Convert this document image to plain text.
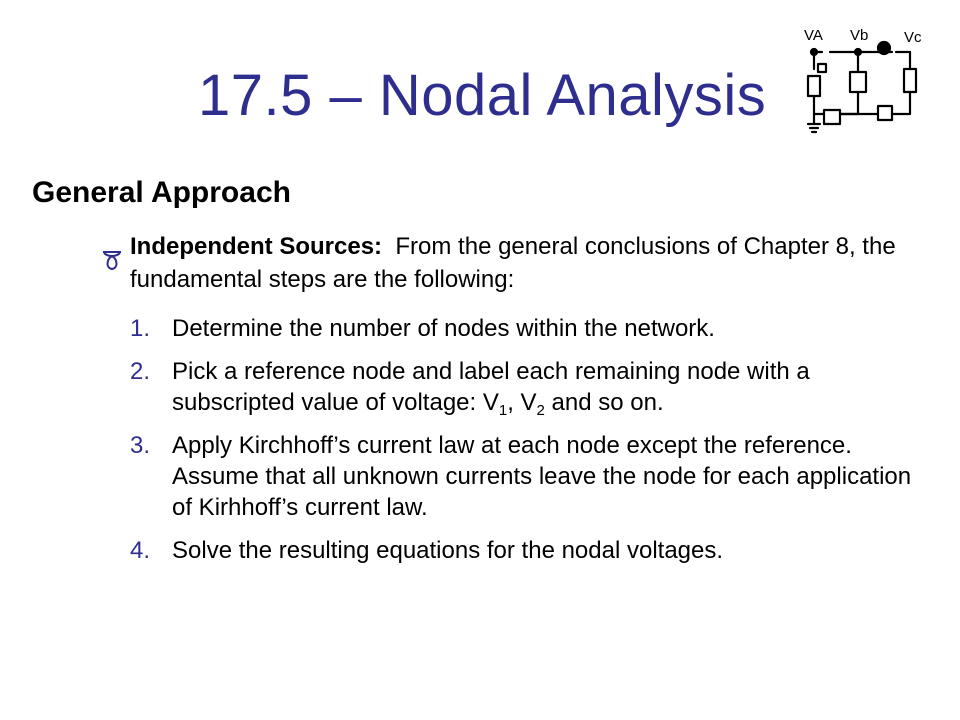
17.5 – Nodal Analysis
VA Vb Vc
General Approach
Independent Sources: From the general conclusions of Chapter 8, the fundamental steps are the following:
1. Determine the number of nodes within the network.
2. Pick a reference node and label each remaining node with a subscripted value of voltage: $V_1$, $V_2$ and so on.
3. Apply Kirchhoff’s current law at each node except the reference. Assume that all unknown currents leave the node for each application of Kirhhoff’s current law.
4. Solve the resulting equations for the nodal voltages.
